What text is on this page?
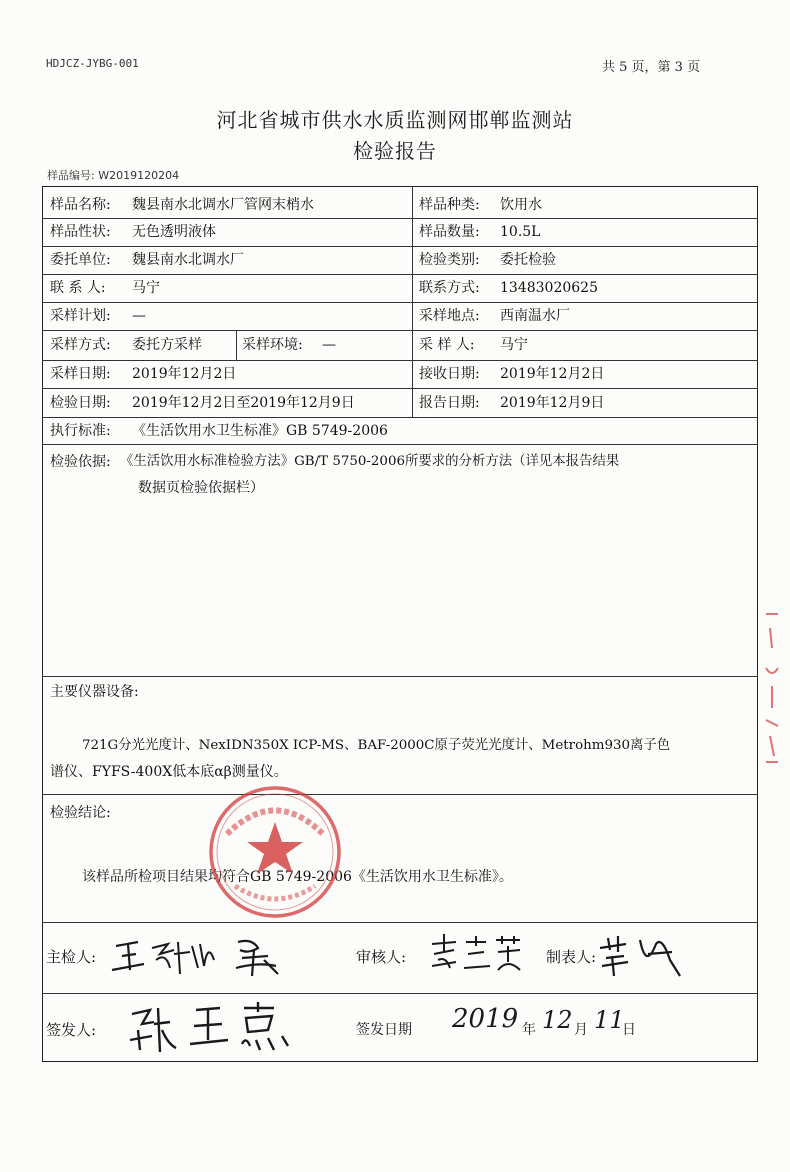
HDJCZ-JYBG-001	共 5 页，第 3 页
河北省城市供水水质监测网邯郸监测站
检验报告
样品编号: W2019120204
样品名称: 魏县南水北调水厂管网末梢水	样品种类: 饮用水
样品性状: 无色透明液体	样品数量: 10.5L
委托单位: 魏县南水北调水厂	检验类别: 委托检验
联 系 人: 马宁	联系方式: 13483020625
采样计划: —	采样地点: 西南温水厂
采样方式: 委托方采样	采样环境: —	采 样 人: 马宁
采样日期: 2019年12月2日	接收日期: 2019年12月2日
检验日期: 2019年12月2日至2019年12月9日	报告日期: 2019年12月9日
执行标准: 《生活饮用水卫生标准》GB 5749-2006
检验依据: 《生活饮用水标准检验方法》GB/T 5750-2006所要求的分析方法（详见本报告结果
数据页检验依据栏）
主要仪器设备:
721G分光光度计、NexIDN350X ICP-MS、BAF-2000C原子荧光光度计、Metrohm930离子色
谱仪、FYFS-400X低本底αβ测量仪。
检验结论:
该样品所检项目结果均符合GB 5749-2006《生活饮用水卫生标准》。
主检人:	审核人:	制表人:
签发人:	签发日期 2019 年 12 月 11
日
